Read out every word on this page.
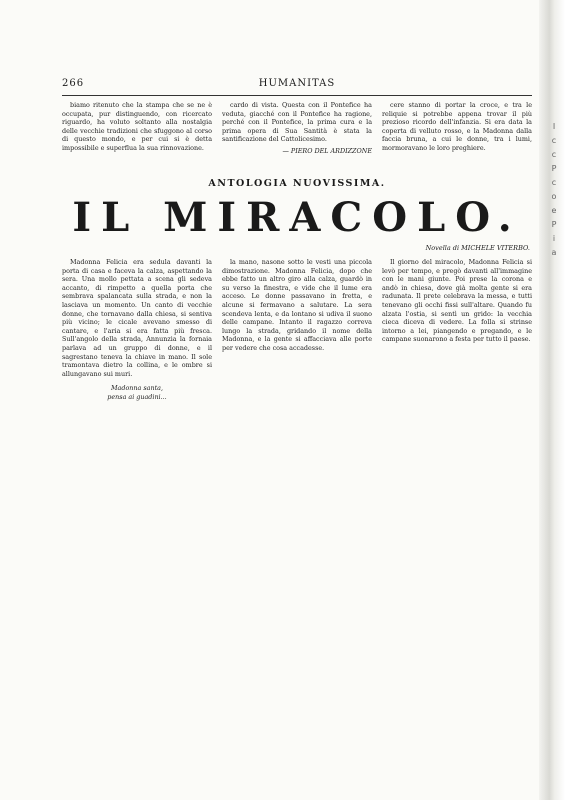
266	HUMANITAS

biamo ritenuto che la stampa che se ne è occupata, pur distinguendo, con ricercato riguardo, ha voluto soltanto alla nostalgia delle vecchie tradizioni che sfuggono al corso di questo mondo, e per cui si è detta impossibile e superflua la sua rinnovazione.

cardo di vista. Questa con il Pontefice ha veduta, giacché con il Pontefice ha ragione, perché con il Pontefice, la prima cura e la prima opera di Sua Santità è stata la santificazione del Cattolicesimo.

— PIERO DEL ARDIZZONE

cere stanno di portar la croce, e tra le reliquie si potrebbe appena trovar il più prezioso ricordo dell'infanzia. Si era data la coperta di velluto rosso, e la Madonna dalla faccia bruna, a cui le donne, tra i lumi, mormoravano le loro preghiere.

ANTOLOGIA NUOVISSIMA.
IL MIRACOLO.
Novella di MICHELE VITERBO.

Madonna Felicia era sedula davanti la porta di casa e faceva la calza, aspettando la sera. Una mollo pettata a scena gli sedeva accanto, di rimpetto a quella porta che sembrava spalancata sulla strada, e non la lasciava un momento. Un canto di vecchie donne, che tornavano dalla chiesa, si sentiva più vicino; le cicale avevano smesso di cantare, e l'aria si era fatta più fresca. Sull'angolo della strada, Annunzia la fornaia parlava ad un gruppo di donne, e il sagrestano teneva la chiave in mano. Il sole tramontava dietro la collina, e le ombre si allungavano sui muri.

Madonna santa,
pensa ai guadini...

la mano, nasone sotto le vesti una piccola dimostrazione. Madonna Felicia, dopo che ebbe fatto un altro giro alla calza, guardò in su verso la finestra, e vide che il lume era acceso. Le donne passavano in fretta, e alcune si fermavano a salutare. La sera scendeva lenta, e da lontano si udiva il suono delle campane. Intanto il ragazzo correva lungo la strada, gridando il nome della Madonna, e la gente si affacciava alle porte per vedere che cosa accadesse.

Il giorno del miracolo, Madonna Felicia si levò per tempo, e pregò davanti all'immagine con le mani giunte. Poi prese la corona e andò in chiesa, dove già molta gente si era radunata. Il prete celebrava la messa, e tutti tenevano gli occhi fissi sull'altare. Quando fu alzata l'ostia, si sentì un grido: la vecchia cieca diceva di vedere. La folla si strinse intorno a lei, piangendo e pregando, e le campane suonarono a festa per tutto il paese.

I
c
c
P
c
o
e
P
i
a
